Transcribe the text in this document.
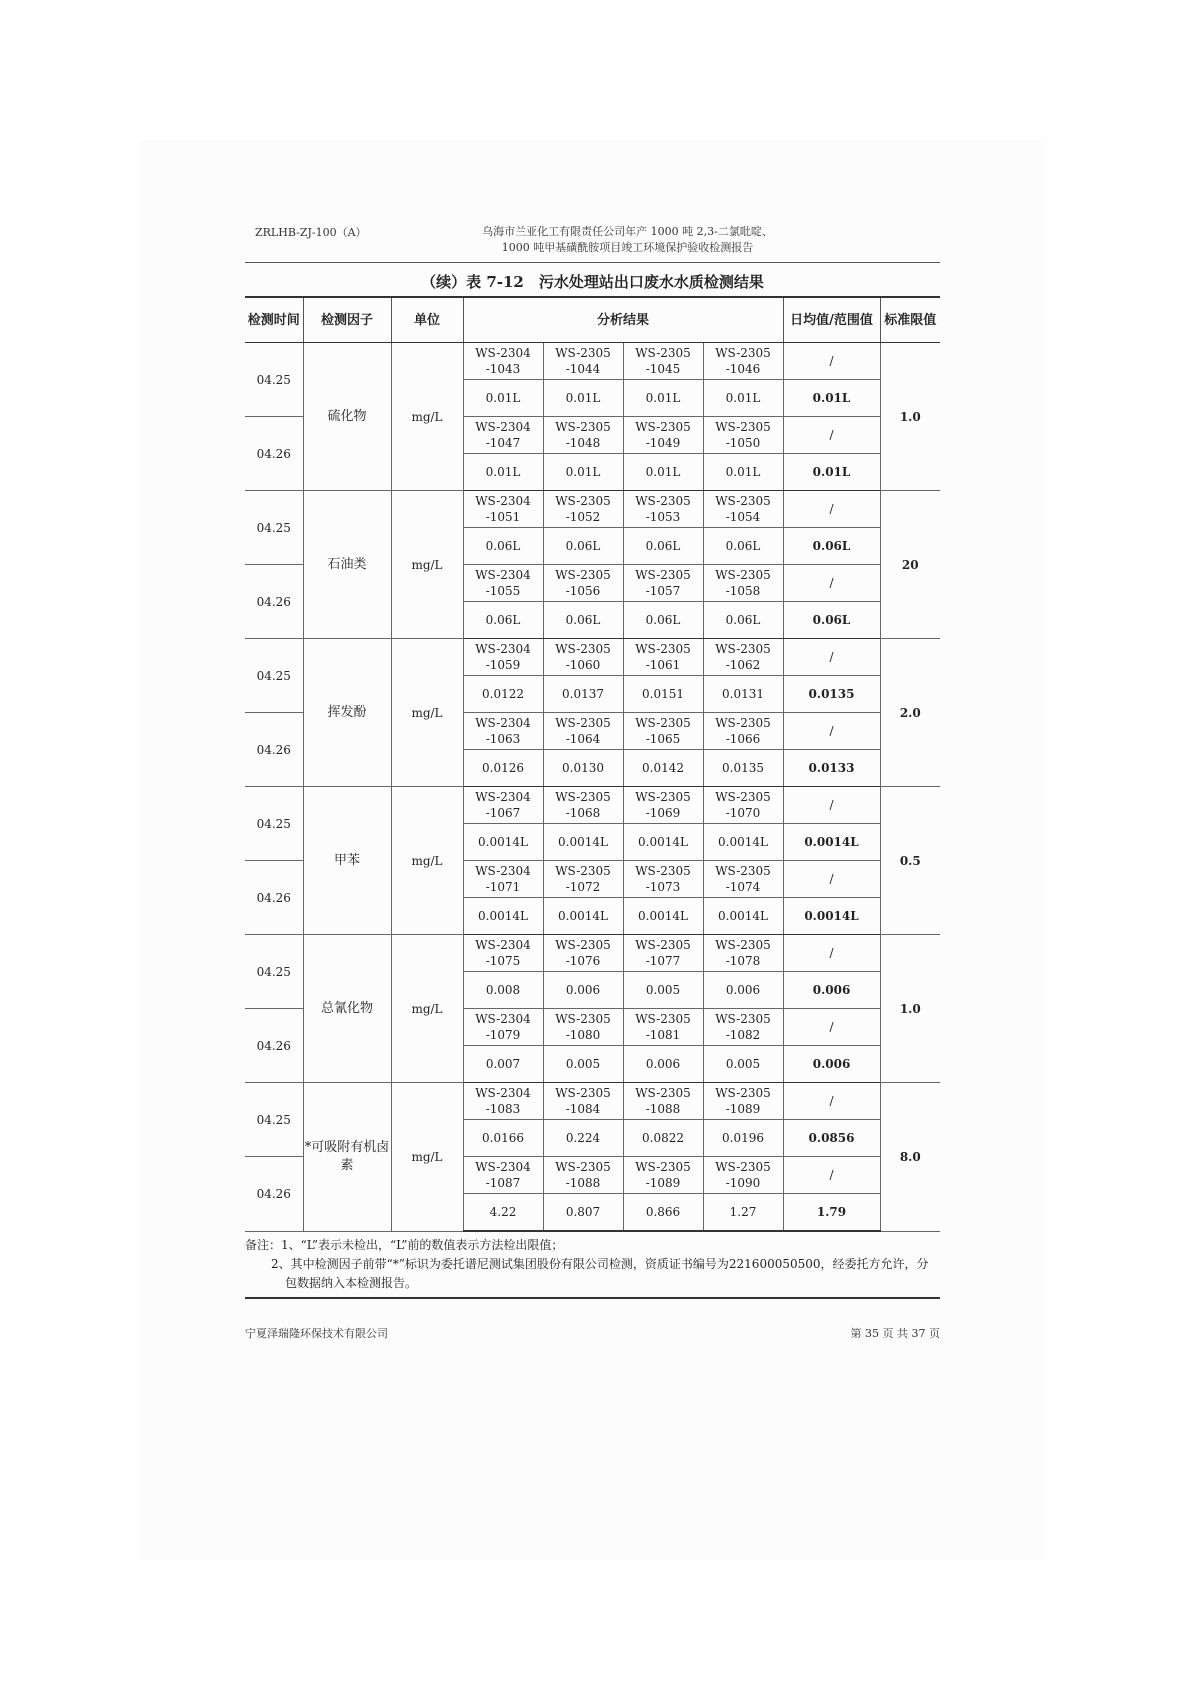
ZRLHB-ZJ-100（A）	乌海市兰亚化工有限责任公司年产 1000 吨 2,3-二氯吡啶、
1000 吨甲基磺酰胺项目竣工环境保护验收检测报告
（续）表 7-12　污水处理站出口废水水质检测结果
检测时间	检测因子	单位	分析结果				日均值/范围值	标准限值
04.25	硫化物	mg/L	WS-2304 -1043	WS-2305 -1044	WS-2305 -1045	WS-2305 -1046	/	1.0
			0.01L	0.01L	0.01L	0.01L	0.01L	
04.26			WS-2304 -1047	WS-2305 -1048	WS-2305 -1049	WS-2305 -1050	/	
			0.01L	0.01L	0.01L	0.01L	0.01L	
04.25	石油类	mg/L	WS-2304 -1051	WS-2305 -1052	WS-2305 -1053	WS-2305 -1054	/	20
			0.06L	0.06L	0.06L	0.06L	0.06L	
04.26			WS-2304 -1055	WS-2305 -1056	WS-2305 -1057	WS-2305 -1058	/	
			0.06L	0.06L	0.06L	0.06L	0.06L	
04.25	挥发酚	mg/L	WS-2304 -1059	WS-2305 -1060	WS-2305 -1061	WS-2305 -1062	/	2.0
			0.0122	0.0137	0.0151	0.0131	0.0135	
04.26			WS-2304 -1063	WS-2305 -1064	WS-2305 -1065	WS-2305 -1066	/	
			0.0126	0.0130	0.0142	0.0135	0.0133	
04.25	甲苯	mg/L	WS-2304 -1067	WS-2305 -1068	WS-2305 -1069	WS-2305 -1070	/	0.5
			0.0014L	0.0014L	0.0014L	0.0014L	0.0014L	
04.26			WS-2304 -1071	WS-2305 -1072	WS-2305 -1073	WS-2305 -1074	/	
			0.0014L	0.0014L	0.0014L	0.0014L	0.0014L	
04.25	总氰化物	mg/L	WS-2304 -1075	WS-2305 -1076	WS-2305 -1077	WS-2305 -1078	/	1.0
			0.008	0.006	0.005	0.006	0.006	
04.26			WS-2304 -1079	WS-2305 -1080	WS-2305 -1081	WS-2305 -1082	/	
			0.007	0.005	0.006	0.005	0.006	
04.25	*可吸附有机卤素	mg/L	WS-2304 -1083	WS-2305 -1084	WS-2305 -1088	WS-2305 -1089	/	8.0
			0.0166	0.224	0.0822	0.0196	0.0856	
04.26			WS-2304 -1087	WS-2305 -1088	WS-2305 -1089	WS-2305 -1090	/	
			4.22	0.807	0.866	1.27	1.79	
备注：1、“L”表示未检出，“L”前的数值表示方法检出限值；
2、其中检测因子前带“*”标识为委托谱尼测试集团股份有限公司检测，资质证书编号为221600050500，经委托方允许，分包数据纳入本检测报告。
宁夏泽瑞隆环保技术有限公司	第 35 页 共 37 页
